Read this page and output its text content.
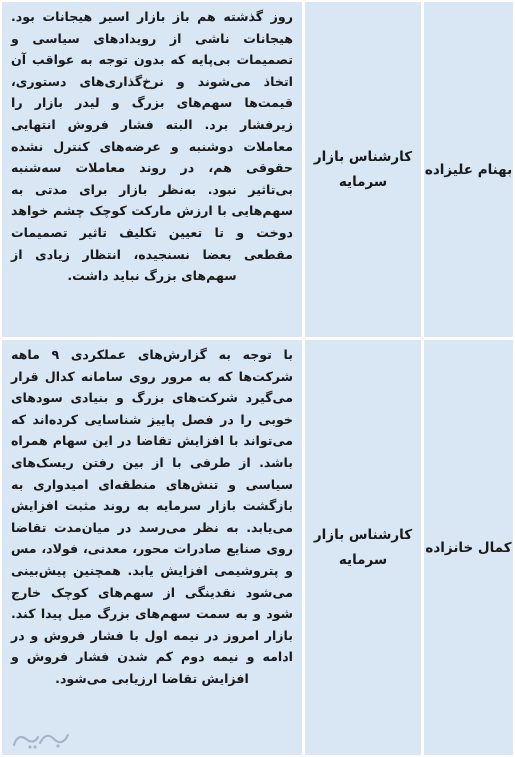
بهنام علیزاده
کارشناس بازار سرمایه
روز گذشته هم باز بازار اسیر هیجانات بود. هیجانات ناشی از رویدادهای سیاسی و تصمیمات بی‌پایه که بدون توجه به عواقب آن اتخاذ می‌شوند و نرخ‌گذاری‌های دستوری، قیمت‌ها سهم‌های بزرگ و لیدر بازار را زیرفشار برد. البته فشار فروش انتهایی معاملات دوشنبه و عرضه‌های کنترل نشده حقوقی هم، در روند معاملات سه‌شنبه بی‌تاثیر نبود. به‌نظر بازار برای مدتی به سهم‌هایی با ارزش مارکت کوچک چشم خواهد دوخت و تا تعیین تکلیف تاثیر تصمیمات مقطعی بعضا نسنجیده، انتظار زیادی از سهم‌های بزرگ نباید داشت.
کمال خانزاده
کارشناس بازار سرمایه
با توجه به گزارش‌های عملکردی ۹ ماهه شرکت‌ها که به مرور روی سامانه کدال قرار می‌گیرد شرکت‌های بزرگ و بنیادی سودهای خوبی را در فصل پاییز شناسایی کرده‌اند که می‌تواند با افزایش تقاضا در این سهام همراه باشد. از طرفی با از بین رفتن ریسک‌های سیاسی و تنش‌های منطقه‌ای امیدواری به بازگشت بازار سرمایه به روند مثبت افزایش می‌یابد. به نظر می‌رسد در میان‌مدت تقاضا روی صنایع صادرات محور، معدنی، فولاد، مس و پتروشیمی افزایش یابد. همچنین پیش‌بینی می‌شود نقدینگی از سهم‌های کوچک خارج شود و به سمت سهم‌های بزرگ میل پیدا کند. بازار امروز در نیمه اول با فشار فروش و در ادامه و نیمه دوم کم شدن فشار فروش و افزایش تقاضا ارزیابی می‌شود.
